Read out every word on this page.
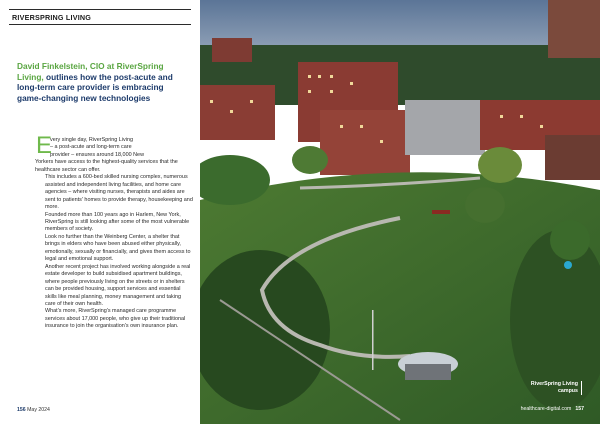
RIVERSPRING LIVING
David Finkelstein, CIO at RiverSpring Living, outlines how the post-acute and long-term care provider is embracing game-changing new technologies
E

very single day, RiverSpring Living

– a post-acute and long-term care

provider – ensures around 18,000 New

Yorkers have access to the highest-quality services that the healthcare sector can offer.

This includes a 600-bed skilled nursing complex, numerous assisted and independent living facilities, and home care agencies – where visiting nurses, therapists and aides are sent to patients' homes to provide therapy, housekeeping and more.

Founded more than 100 years ago in Harlem, New York, RiverSpring is still looking after some of the most vulnerable members of society.

Look no further than the Weinberg Center, a shelter that brings in elders who have been abused either physically, emotionally, sexually or financially, and gives them access to legal and emotional support.

Another recent project has involved working alongside a real estate developer to build subsidised apartment buildings, where people previously living on the streets or in shelters can be provided housing, support services and essential skills like meal planning, money management and taking care of their own health.

What's more, RiverSpring's managed care programme services about 17,000 people, who give up their traditional insurance to join the organisation's own insurance plan.

156 May 2024
RiverSpring Living campus
healthcare-digital.com 157
